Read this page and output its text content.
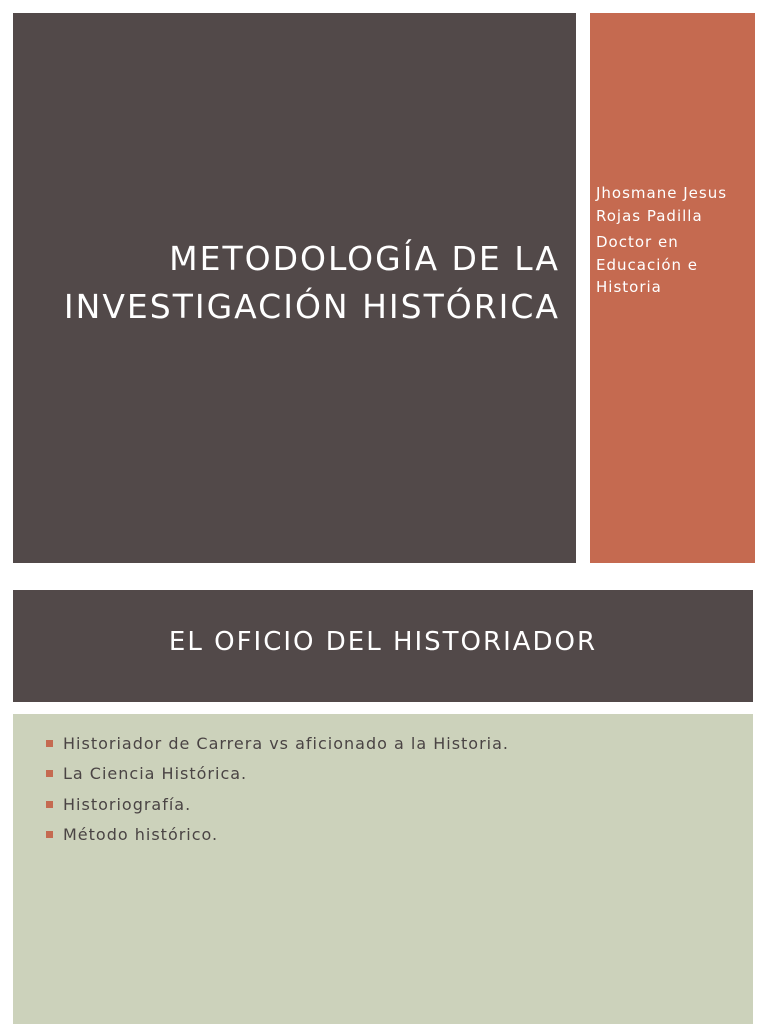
METODOLOGÍA DE LA
INVESTIGACIÓN HISTÓRICA

Jhosmane Jesus Rojas Padilla

Doctor en Educación e Historia

EL OFICIO DEL HISTORIADOR
Historiador de Carrera vs aficionado a la Historia.
La Ciencia Histórica.
Historiografía.
Método histórico.
